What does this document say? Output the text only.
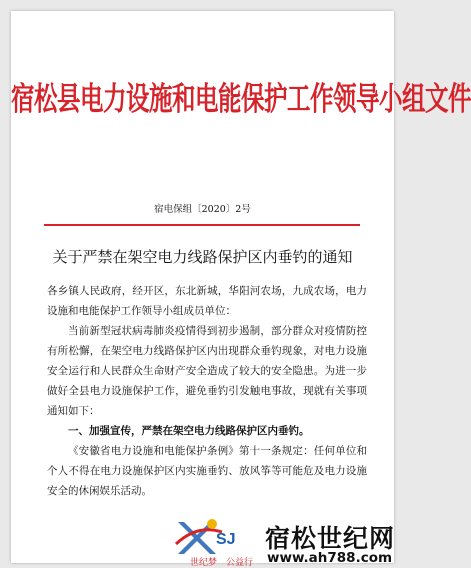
宿松县电力设施和电能保护工作领导小组文件
宿电保组〔2020〕2号
关于严禁在架空电力线路保护区内垂钓的通知

各乡镇人民政府，经开区，东北新城，华阳河农场，九成农场，电力设施和电能保护工作领导小组成员单位：

当前新型冠状病毒肺炎疫情得到初步遏制，部分群众对疫情防控有所松懈，在架空电力线路保护区内出现群众垂钓现象，对电力设施安全运行和人民群众生命财产安全造成了较大的安全隐患。为进一步做好全县电力设施保护工作，避免垂钓引发触电事故，现就有关事项通知如下：

一、加强宣传，严禁在架空电力线路保护区内垂钓。

《安徽省电力设施和电能保护条例》第十一条规定：任何单位和个人不得在电力设施保护区内实施垂钓、放风筝等可能危及电力设施安全的休闲娱乐活动。

SJ
世纪梦　公益行
宿松世纪网
www.ah788.com
